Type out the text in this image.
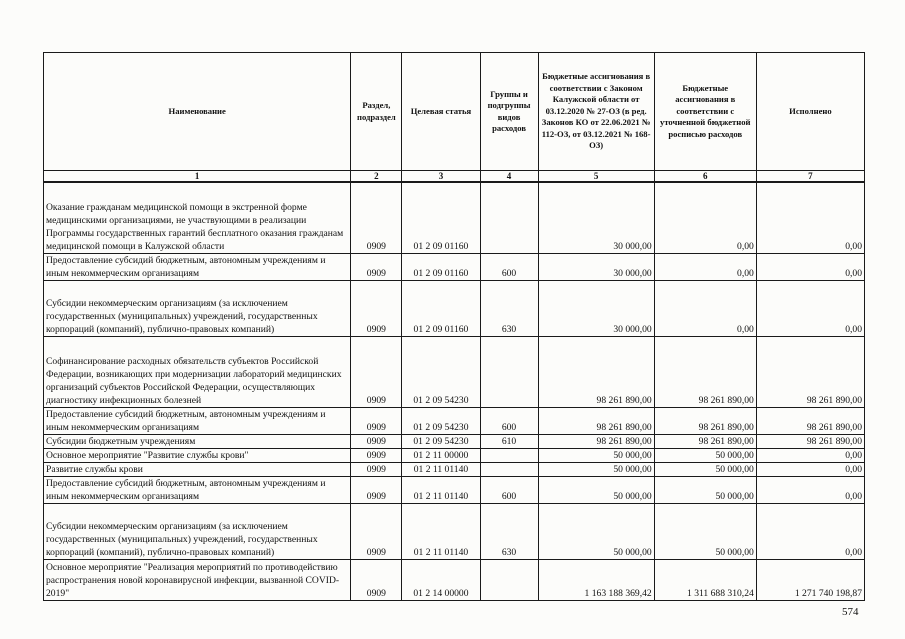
Наименование	Раздел, подраздел	Целевая статья	Группы и подгруппы видов расходов	Бюджетные ассигнования в соответствии с Законом Калужской области от 03.12.2020 № 27-ОЗ (в ред. Законов КО от 22.06.2021 № 112-ОЗ, от 03.12.2021 № 168-ОЗ)	Бюджетные ассигнования в соответствии с уточненной бюджетной росписью расходов	Исполнено
1	2	3	4	5	6	7
Оказание гражданам медицинской помощи в экстренной форме медицинскими организациями, не участвующими в реализации Программы государственных гарантий бесплатного оказания гражданам медицинской помощи в Калужской области	0909	01 2 09 01160		30 000,00	0,00	0,00
Предоставление субсидий бюджетным, автономным учреждениям и иным некоммерческим организациям	0909	01 2 09 01160	600	30 000,00	0,00	0,00
Субсидии некоммерческим организациям (за исключением государственных (муниципальных) учреждений, государственных корпораций (компаний), публично-правовых компаний)	0909	01 2 09 01160	630	30 000,00	0,00	0,00
Софинансирование расходных обязательств субъектов Российской Федерации, возникающих при модернизации лабораторий медицинских организаций субъектов Российской Федерации, осуществляющих диагностику инфекционных болезней	0909	01 2 09 54230		98 261 890,00	98 261 890,00	98 261 890,00
Предоставление субсидий бюджетным, автономным учреждениям и иным некоммерческим организациям	0909	01 2 09 54230	600	98 261 890,00	98 261 890,00	98 261 890,00
Субсидии бюджетным учреждениям	0909	01 2 09 54230	610	98 261 890,00	98 261 890,00	98 261 890,00
Основное мероприятие "Развитие службы крови"	0909	01 2 11 00000		50 000,00	50 000,00	0,00
Развитие службы крови	0909	01 2 11 01140		50 000,00	50 000,00	0,00
Предоставление субсидий бюджетным, автономным учреждениям и иным некоммерческим организациям	0909	01 2 11 01140	600	50 000,00	50 000,00	0,00
Субсидии некоммерческим организациям (за исключением государственных (муниципальных) учреждений, государственных корпораций (компаний), публично-правовых компаний)	0909	01 2 11 01140	630	50 000,00	50 000,00	0,00
Основное мероприятие "Реализация мероприятий по противодействию распространения новой коронавирусной инфекции, вызванной COVID-2019"	0909	01 2 14 00000		1 163 188 369,42	1 311 688 310,24	1 271 740 198,87
574
